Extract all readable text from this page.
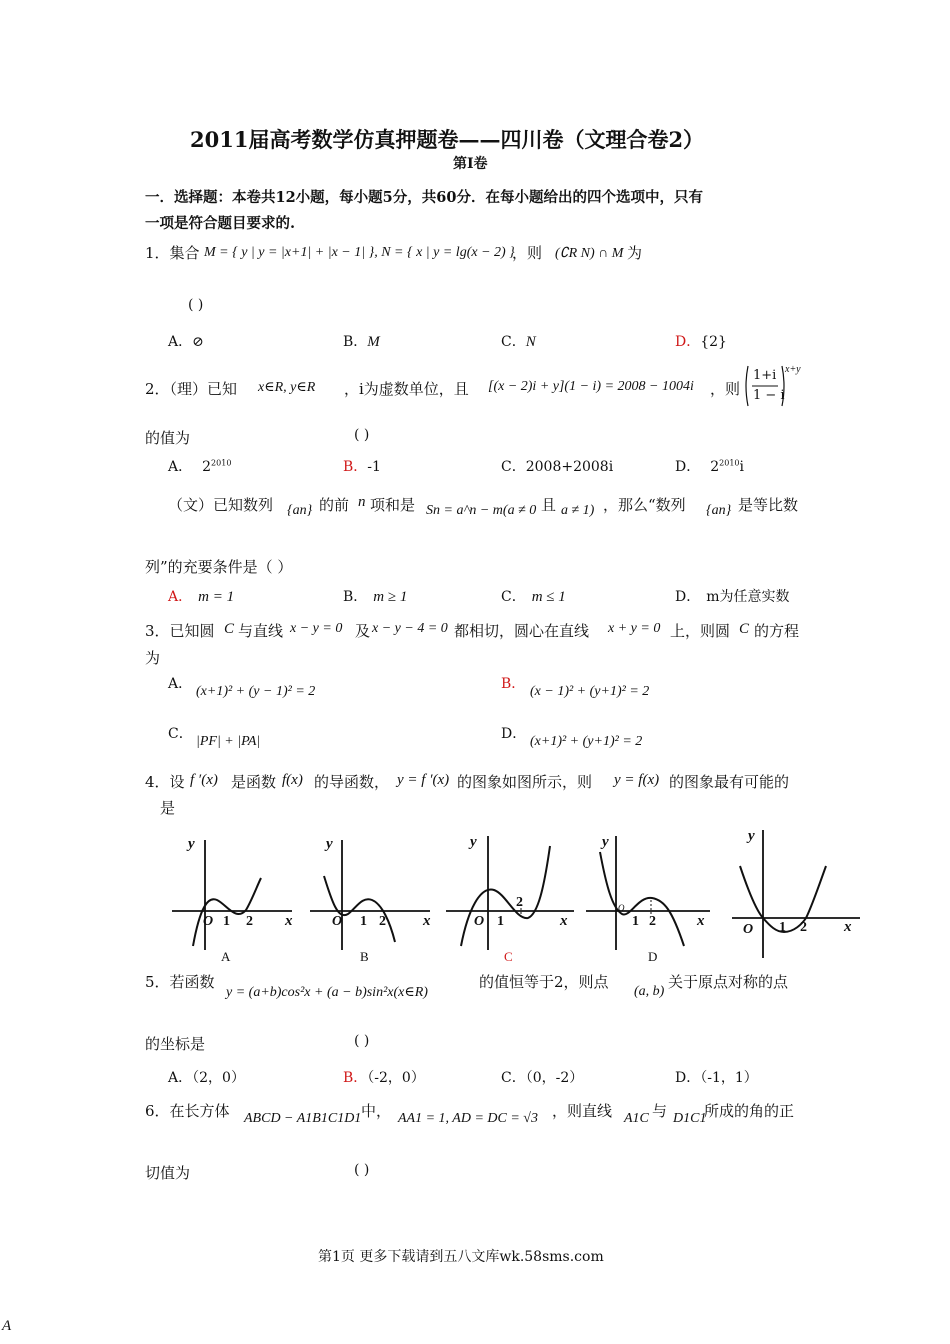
2011届高考数学仿真押题卷——四川卷（文理合卷2）
第Ⅰ卷
一．选择题：本卷共12小题，每小题5分，共60分．在每小题给出的四个选项中，只有
一项是符合题目要求的.
1．集合 M = { y | y = |x+1| + |x − 1| }, N = { x | y = lg(x − 2) }
，则 (∁R N) ∩ M 为
( )
A．⊘	B．M	C．N	D．{2}
2．（理）已知 x∈R, y∈R ，i为虚数单位，且 [(x − 2)i + y](1 − i) = 2008 − 1004i ，则
1+i
1 − i
x+y
的值为	( )
A． $2^{2010}$	B．-1	C．2008+2008i	D． $2^{2010}i$
（文）已知数列 {an} 的前 n 项和是 Sn = a^n − m(a ≠ 0 且 a ≠ 1) ，那么“数列 {an} 是等比数
列”的充要条件是（ ）
A． m = 1	B． m ≥ 1	C． m ≤ 1	D． m为任意实数
3．已知圆 C 与直线 x − y = 0 及 x − y − 4 = 0 都相切，圆心在直线 x + y = 0 上，则圆 C 的方程
为
A． (x+1)² + (y − 1)² = 2	B． (x − 1)² + (y+1)² = 2
C． |PF| + |PA|	D． (x+1)² + (y+1)² = 2
4．设 f ′(x) 是函数 f(x) 的导函数， y = f ′(x) 的图象如图所示，则 y = f(x) 的图象最有可能的
是
y
O 1 2 x
A
y
O 1 2 x
B
y
O 1
2
x
C
y
O
1 2	x
D
y
O 1 2 x
5．若函数
y = (a+b)cos²x + (a − b)sin²x(x∈R)
的值恒等于2，则点
(a, b)
关于原点对称的点
的坐标是	( )
A．（2，0）	B．（-2，0）	C．（0，-2）	D．（-1，1）
6．在长方体 ABCD − A1B1C1D1 中， AA1 = 1, AD = DC = √3 ，则直线 A1C 与 D1C1
所成的角的正
切值为	( )
第1页 更多下载请到五八文库wk.58sms.com
A
